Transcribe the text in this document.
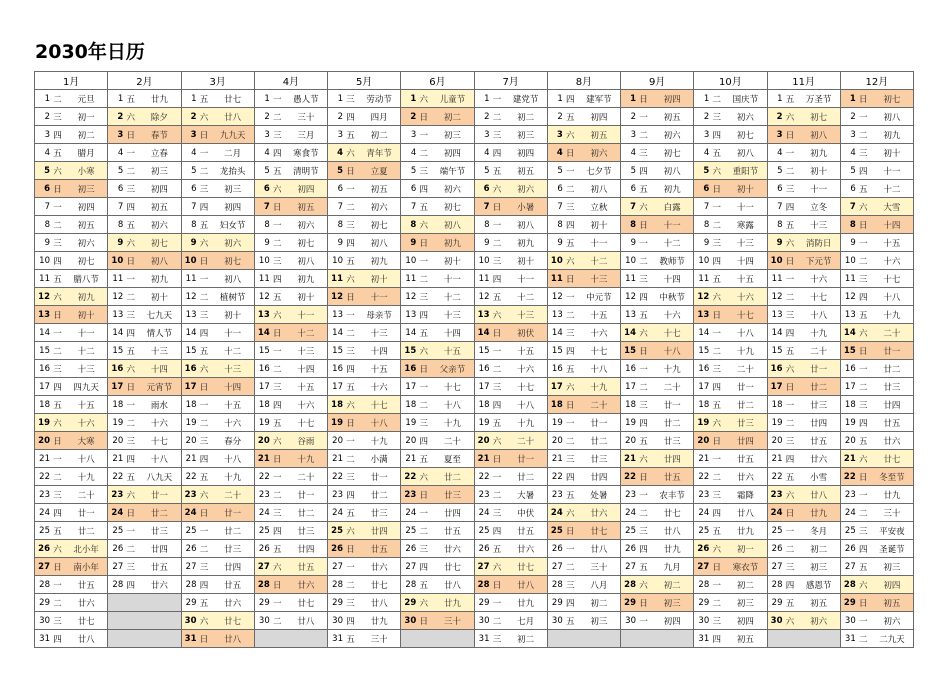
2030年日历
1月	2月	3月	4月	5月	6月	7月	8月	9月	10月	11月	12月

1 二 元旦	1 五 廿九	1 五 廿七	1 一 愚人节	1 三 劳动节	1 六 儿童节	1 一 建党节	1 四 建军节	1 日 初四	1 二 国庆节	1 五 万圣节	1 日 初七

2 三 初一	2 六 除夕	2 六 廿八	2 二 三十	2 四 四月	2 日 初二	2 二 初二	2 五 初四	2 一 初五	2 三 初六	2 六 初七	2 一 初八

3 四 初二	3 日 春节	3 日 九九天	3 三 三月	3 五 初二	3 一 初三	3 三 初三	3 六 初五	3 二 初六	3 四 初七	3 日 初八	3 二 初九

4 五 腊月	4 一 立春	4 一 二月	4 四 寒食节	4 六 青年节	4 二 初四	4 四 初四	4 日 初六	4 三 初七	4 五 初八	4 一 初九	4 三 初十

5 六 小寒	5 二 初三	5 二 龙抬头	5 五 清明节	5 日 立夏	5 三 端午节	5 五 初五	5 一 七夕节	5 四 初八	5 六 重阳节	5 二 初十	5 四 十一

6 日 初三	6 三 初四	6 三 初三	6 六 初四	6 一 初五	6 四 初六	6 六 初六	6 二 初八	6 五 初九	6 日 初十	6 三 十一	6 五 十二

7 一 初四	7 四 初五	7 四 初四	7 日 初五	7 二 初六	7 五 初七	7 日 小暑	7 三 立秋	7 六 白露	7 一 十一	7 四 立冬	7 六 大雪

8 二 初五	8 五 初六	8 五 妇女节	8 一 初六	8 三 初七	8 六 初八	8 一 初八	8 四 初十	8 日 十一	8 二 寒露	8 五 十三	8 日 十四

9 三 初六	9 六 初七	9 六 初六	9 二 初七	9 四 初八	9 日 初九	9 二 初九	9 五 十一	9 一 十二	9 三 十三	9 六 消防日	9 一 十五

10 四 初七	10 日 初八	10 日 初七	10 三 初八	10 五 初九	10 一 初十	10 三 初十	10 六 十二	10 二 教师节	10 四 十四	10 日 下元节	10 二 十六

11 五 腊八节	11 一 初九	11 一 初八	11 四 初九	11 六 初十	11 二 十一	11 四 十一	11 日 十三	11 三 十四	11 五 十五	11 一 十六	11 三 十七

12 六 初九	12 二 初十	12 二 植树节	12 五 初十	12 日 十一	12 三 十二	12 五 十二	12 一 中元节	12 四 中秋节	12 六 十六	12 二 十七	12 四 十八

13 日 初十	13 三 七九天	13 三 初十	13 六 十一	13 一 母亲节	13 四 十三	13 六 十三	13 二 十五	13 五 十六	13 日 十七	13 三 十八	13 五 十九

14 一 十一	14 四 情人节	14 四 十一	14 日 十二	14 二 十三	14 五 十四	14 日 初伏	14 三 十六	14 六 十七	14 一 十八	14 四 十九	14 六 二十

15 二 十二	15 五 十三	15 五 十二	15 一 十三	15 三 十四	15 六 十五	15 一 十五	15 四 十七	15 日 十八	15 二 十九	15 五 二十	15 日 廿一

16 三 十三	16 六 十四	16 六 十三	16 二 十四	16 四 十五	16 日 父亲节	16 二 十六	16 五 十八	16 一 十九	16 三 二十	16 六 廿一	16 一 廿二

17 四 四九天	17 日 元宵节	17 日 十四	17 三 十五	17 五 十六	17 一 十七	17 三 十七	17 六 十九	17 二 二十	17 四 廿一	17 日 廿二	17 二 廿三

18 五 十五	18 一 雨水	18 一 十五	18 四 十六	18 六 十七	18 二 十八	18 四 十八	18 日 二十	18 三 廿一	18 五 廿二	18 一 廿三	18 三 廿四

19 六 十六	19 二 十六	19 二 十六	19 五 十七	19 日 十八	19 三 十九	19 五 十九	19 一 廿一	19 四 廿二	19 六 廿三	19 二 廿四	19 四 廿五

20 日 大寒	20 三 十七	20 三 春分	20 六 谷雨	20 一 十九	20 四 二十	20 六 二十	20 二 廿二	20 五 廿三	20 日 廿四	20 三 廿五	20 五 廿六

21 一 十八	21 四 十八	21 四 十八	21 日 十九	21 二 小满	21 五 夏至	21 日 廿一	21 三 廿三	21 六 廿四	21 一 廿五	21 四 廿六	21 六 廿七

22 二 十九	22 五 八九天	22 五 十九	22 一 二十	22 三 廿一	22 六 廿二	22 一 廿二	22 四 廿四	22 日 廿五	22 二 廿六	22 五 小雪	22 日 冬至节

23 三 二十	23 六 廿一	23 六 二十	23 二 廿一	23 四 廿二	23 日 廿三	23 二 大暑	23 五 处暑	23 一 农丰节	23 三 霜降	23 六 廿八	23 一 廿九

24 四 廿一	24 日 廿二	24 日 廿一	24 三 廿二	24 五 廿三	24 一 廿四	24 三 中伏	24 六 廿六	24 二 廿七	24 四 廿八	24 日 廿九	24 二 三十

25 五 廿二	25 一 廿三	25 一 廿二	25 四 廿三	25 六 廿四	25 二 廿五	25 四 廿五	25 日 廿七	25 三 廿八	25 五 廿九	25 一 冬月	25 三 平安夜

26 六 北小年	26 二 廿四	26 二 廿三	26 五 廿四	26 日 廿五	26 三 廿六	26 五 廿六	26 一 廿八	26 四 廿九	26 六 初一	26 二 初二	26 四 圣诞节

27 日 南小年	27 三 廿五	27 三 廿四	27 六 廿五	27 一 廿六	27 四 廿七	27 六 廿七	27 二 三十	27 五 九月	27 日 寒衣节	27 三 初三	27 五 初三

28 一 廿五	28 四 廿六	28 四 廿五	28 日 廿六	28 二 廿七	28 五 廿八	28 日 廿八	28 三 八月	28 六 初二	28 一 初二	28 四 感恩节	28 六 初四

29 二 廿六		29 五 廿六	29 一 廿七	29 三 廿八	29 六 廿九	29 一 廿九	29 四 初二	29 日 初三	29 二 初三	29 五 初五	29 日 初五

30 三 廿七		30 六 廿七	30 二 廿八	30 四 廿九	30 日 三十	30 二 七月	30 五 初三	30 一 初四	30 三 初四	30 六 初六	30 一 初六

31 四 廿八		31 日 廿八		31 五 三十		31 三 初二			31 四 初五		31 二 二九天
